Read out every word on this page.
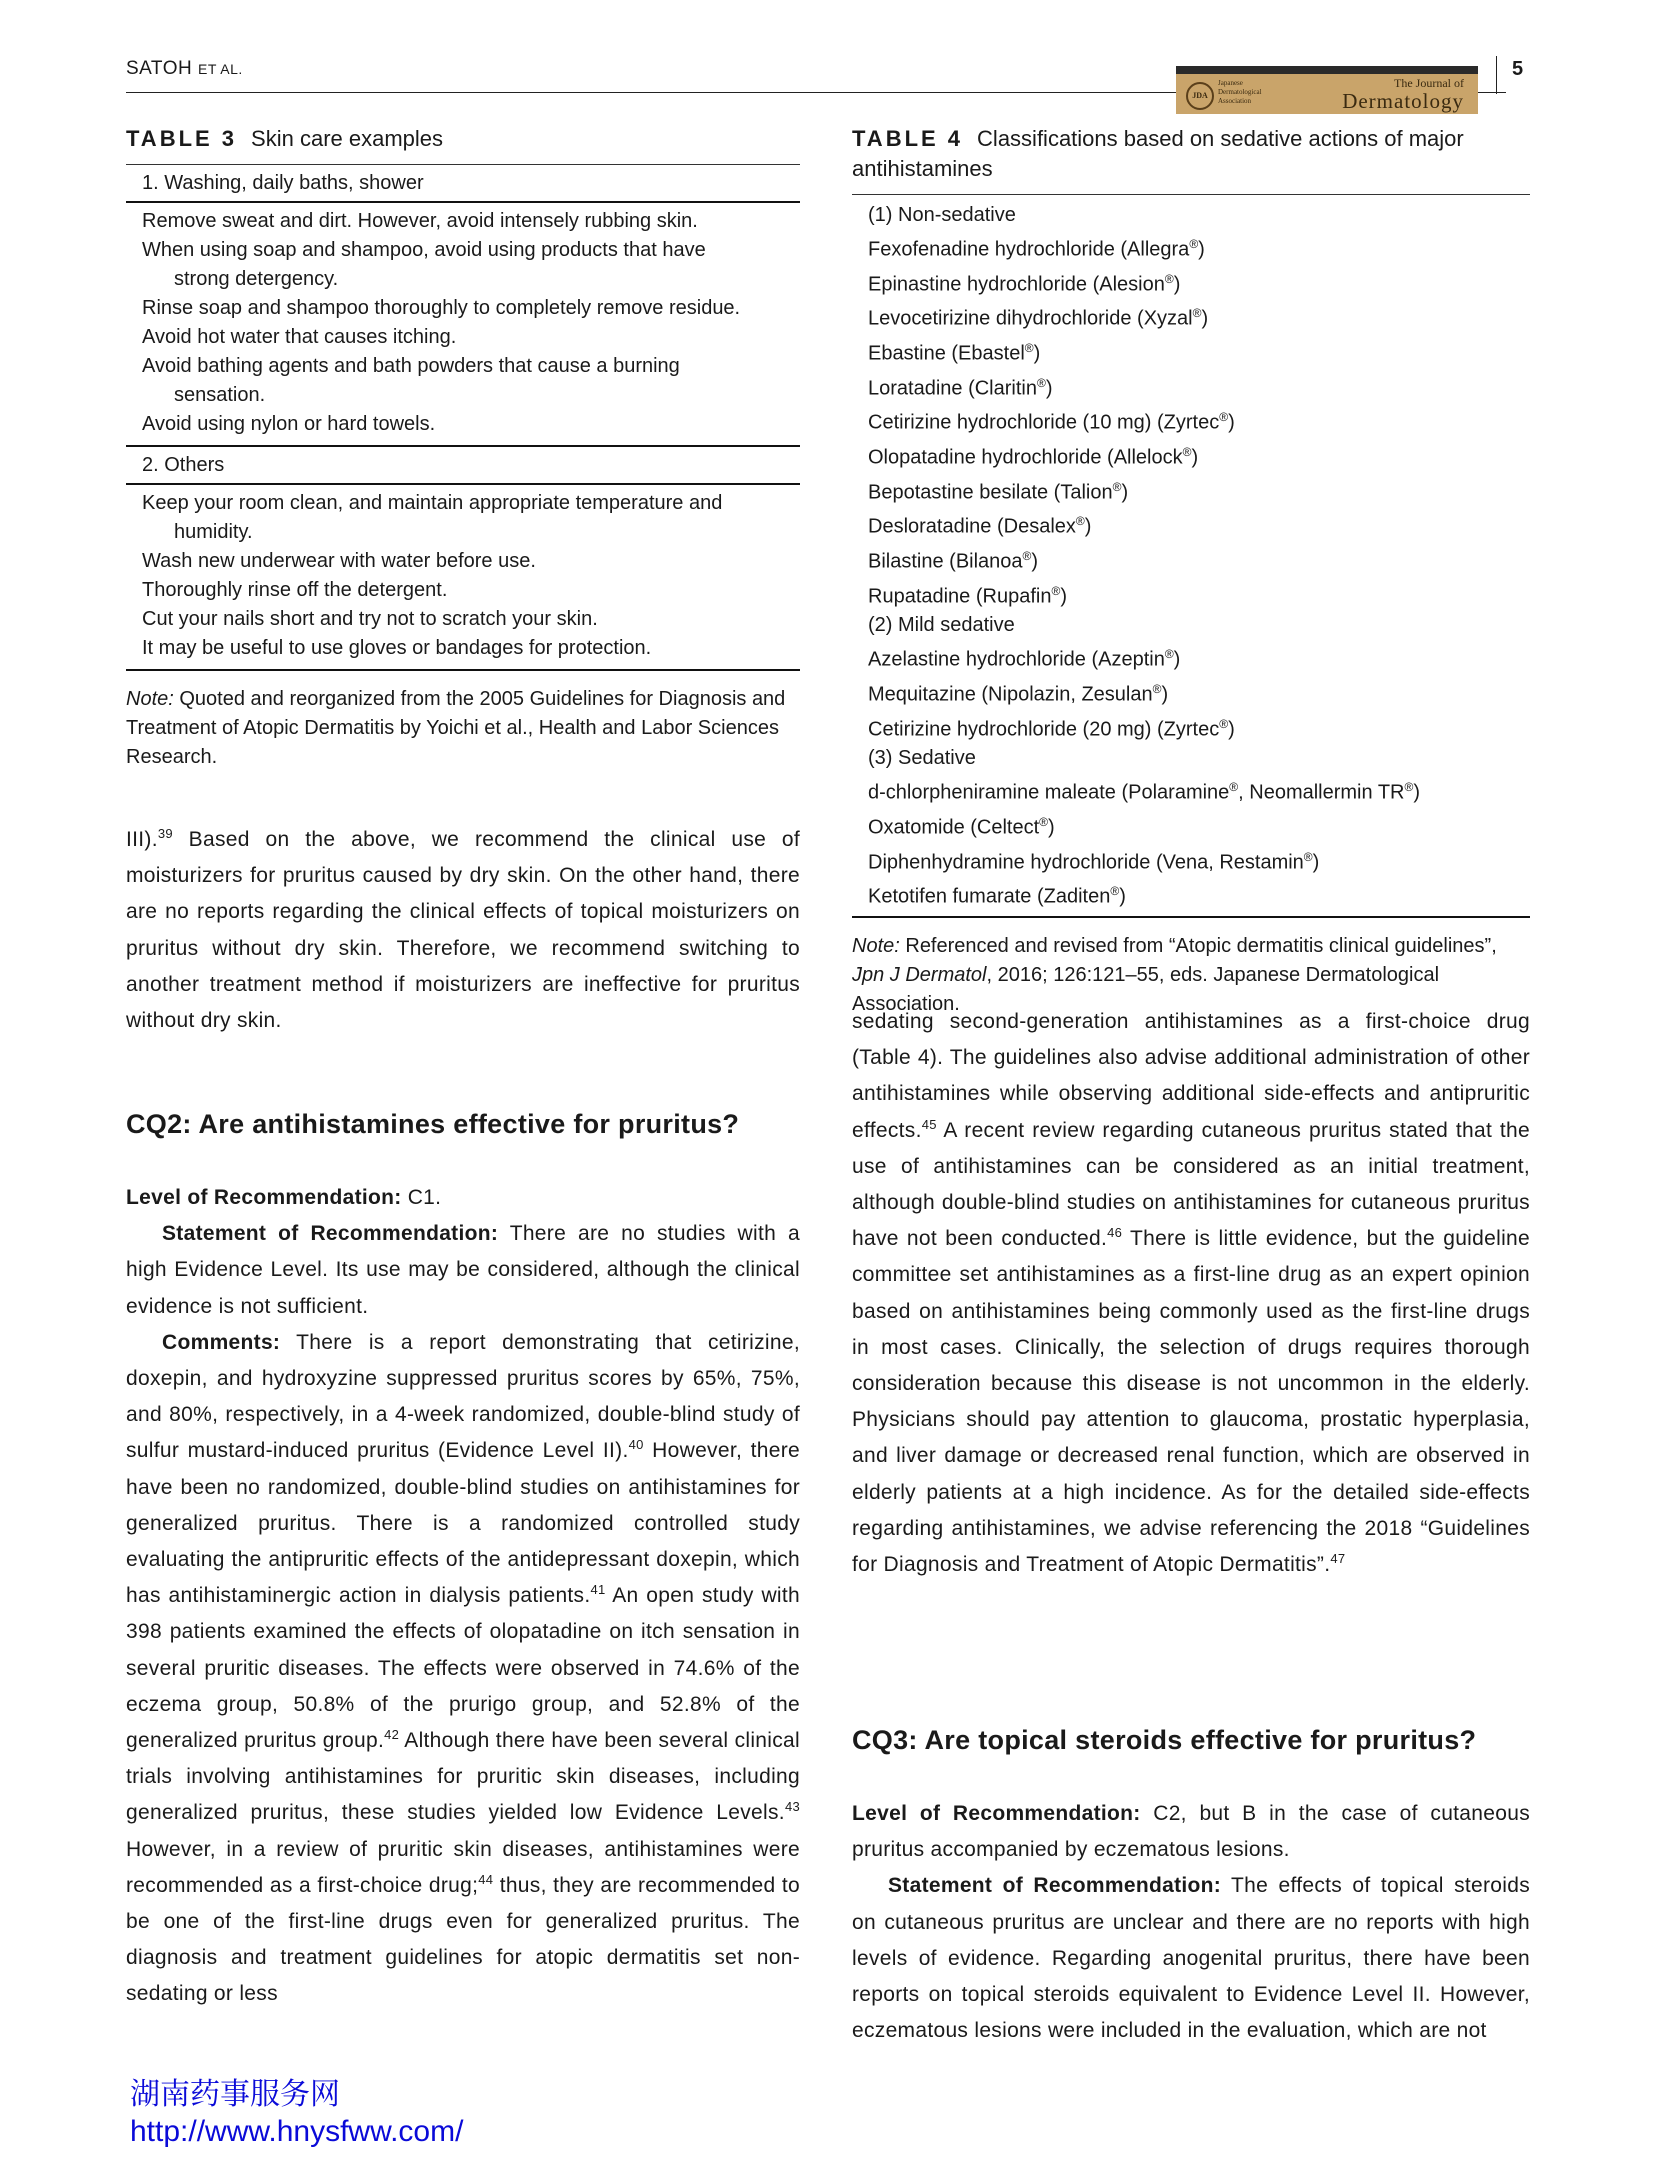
SATOH ET AL.
JDA
Japanese Dermatological Association
The Journal of
Dermatology
5
TABLE 3 Skin care examples
1. Washing, daily baths, shower
Remove sweat and dirt. However, avoid intensely rubbing skin.
When using soap and shampoo, avoid using products that have
strong detergency.
Rinse soap and shampoo thoroughly to completely remove residue.
Avoid hot water that causes itching.
Avoid bathing agents and bath powders that cause a burning
sensation.
Avoid using nylon or hard towels.
2. Others
Keep your room clean, and maintain appropriate temperature and
humidity.
Wash new underwear with water before use.
Thoroughly rinse off the detergent.
Cut your nails short and try not to scratch your skin.
It may be useful to use gloves or bandages for protection.
Note: Quoted and reorganized from the 2005 Guidelines for Diagnosis and Treatment of Atopic Dermatitis by Yoichi et al., Health and Labor Sciences Research.
TABLE 4 Classifications based on sedative actions of major antihistamines
(1) Non-sedative
Fexofenadine hydrochloride (Allegra®)
Epinastine hydrochloride (Alesion®)
Levocetirizine dihydrochloride (Xyzal®)
Ebastine (Ebastel®)
Loratadine (Claritin®)
Cetirizine hydrochloride (10 mg) (Zyrtec®)
Olopatadine hydrochloride (Allelock®)
Bepotastine besilate (Talion®)
Desloratadine (Desalex®)
Bilastine (Bilanoa®)
Rupatadine (Rupafin®)
(2) Mild sedative
Azelastine hydrochloride (Azeptin®)
Mequitazine (Nipolazin, Zesulan®)
Cetirizine hydrochloride (20 mg) (Zyrtec®)
(3) Sedative
d-chlorpheniramine maleate (Polaramine®, Neomallermin TR®)
Oxatomide (Celtect®)
Diphenhydramine hydrochloride (Vena, Restamin®)
Ketotifen fumarate (Zaditen®)
Note: Referenced and revised from “Atopic dermatitis clinical guidelines”, Jpn J Dermatol, 2016; 126:121–55, eds. Japanese Dermatological Association.

III).$^{39}$ Based on the above, we recommend the clinical use of moisturizers for pruritus caused by dry skin. On the other hand, there are no reports regarding the clinical effects of topical moisturizers on pruritus without dry skin. Therefore, we recommend switching to another treatment method if moisturizers are ineffective for pruritus without dry skin.

CQ2: Are antihistamines effective for pruritus?

Level of Recommendation: C1.

Statement of Recommendation: There are no studies with a high Evidence Level. Its use may be considered, although the clinical evidence is not sufficient.

Comments: There is a report demonstrating that cetirizine, doxepin, and hydroxyzine suppressed pruritus scores by 65%, 75%, and 80%, respectively, in a 4-week randomized, double-blind study of sulfur mustard-induced pruritus (Evidence Level II).$^{40}$ However, there have been no randomized, double-blind studies on antihistamines for generalized pruritus. There is a randomized controlled study evaluating the antipruritic effects of the antidepressant doxepin, which has antihistaminergic action in dialysis patients.$^{41}$ An open study with 398 patients examined the effects of olopatadine on itch sensation in several pruritic diseases. The effects were observed in 74.6% of the eczema group, 50.8% of the prurigo group, and 52.8% of the generalized pruritus group.$^{42}$ Although there have been several clinical trials involving antihistamines for pruritic skin diseases, including generalized pruritus, these studies yielded low Evidence Levels.$^{43}$ However, in a review of pruritic skin diseases, antihistamines were recommended as a first-choice drug;$^{44}$ thus, they are recommended to be one of the first-line drugs even for generalized pruritus. The diagnosis and treatment guidelines for atopic dermatitis set non-sedating or less

sedating second-generation antihistamines as a first-choice drug (Table 4). The guidelines also advise additional administration of other antihistamines while observing additional side-effects and antipruritic effects.$^{45}$ A recent review regarding cutaneous pruritus stated that the use of antihistamines can be considered as an initial treatment, although double-blind studies on antihistamines for cutaneous pruritus have not been conducted.$^{46}$ There is little evidence, but the guideline committee set antihistamines as a first-line drug as an expert opinion based on antihistamines being commonly used as the first-line drugs in most cases. Clinically, the selection of drugs requires thorough consideration because this disease is not uncommon in the elderly. Physicians should pay attention to glaucoma, prostatic hyperplasia, and liver damage or decreased renal function, which are observed in elderly patients at a high incidence. As for the detailed side-effects regarding antihistamines, we advise referencing the 2018 “Guidelines for Diagnosis and Treatment of Atopic Dermatitis”.$^{47}$

CQ3: Are topical steroids effective for pruritus?

Level of Recommendation: C2, but B in the case of cutaneous pruritus accompanied by eczematous lesions.

Statement of Recommendation: The effects of topical steroids on cutaneous pruritus are unclear and there are no reports with high levels of evidence. Regarding anogenital pruritus, there have been reports on topical steroids equivalent to Evidence Level II. However, eczematous lesions were included in the evaluation, which are not

湖南药事服务网
http://www.hnysfww.com/
